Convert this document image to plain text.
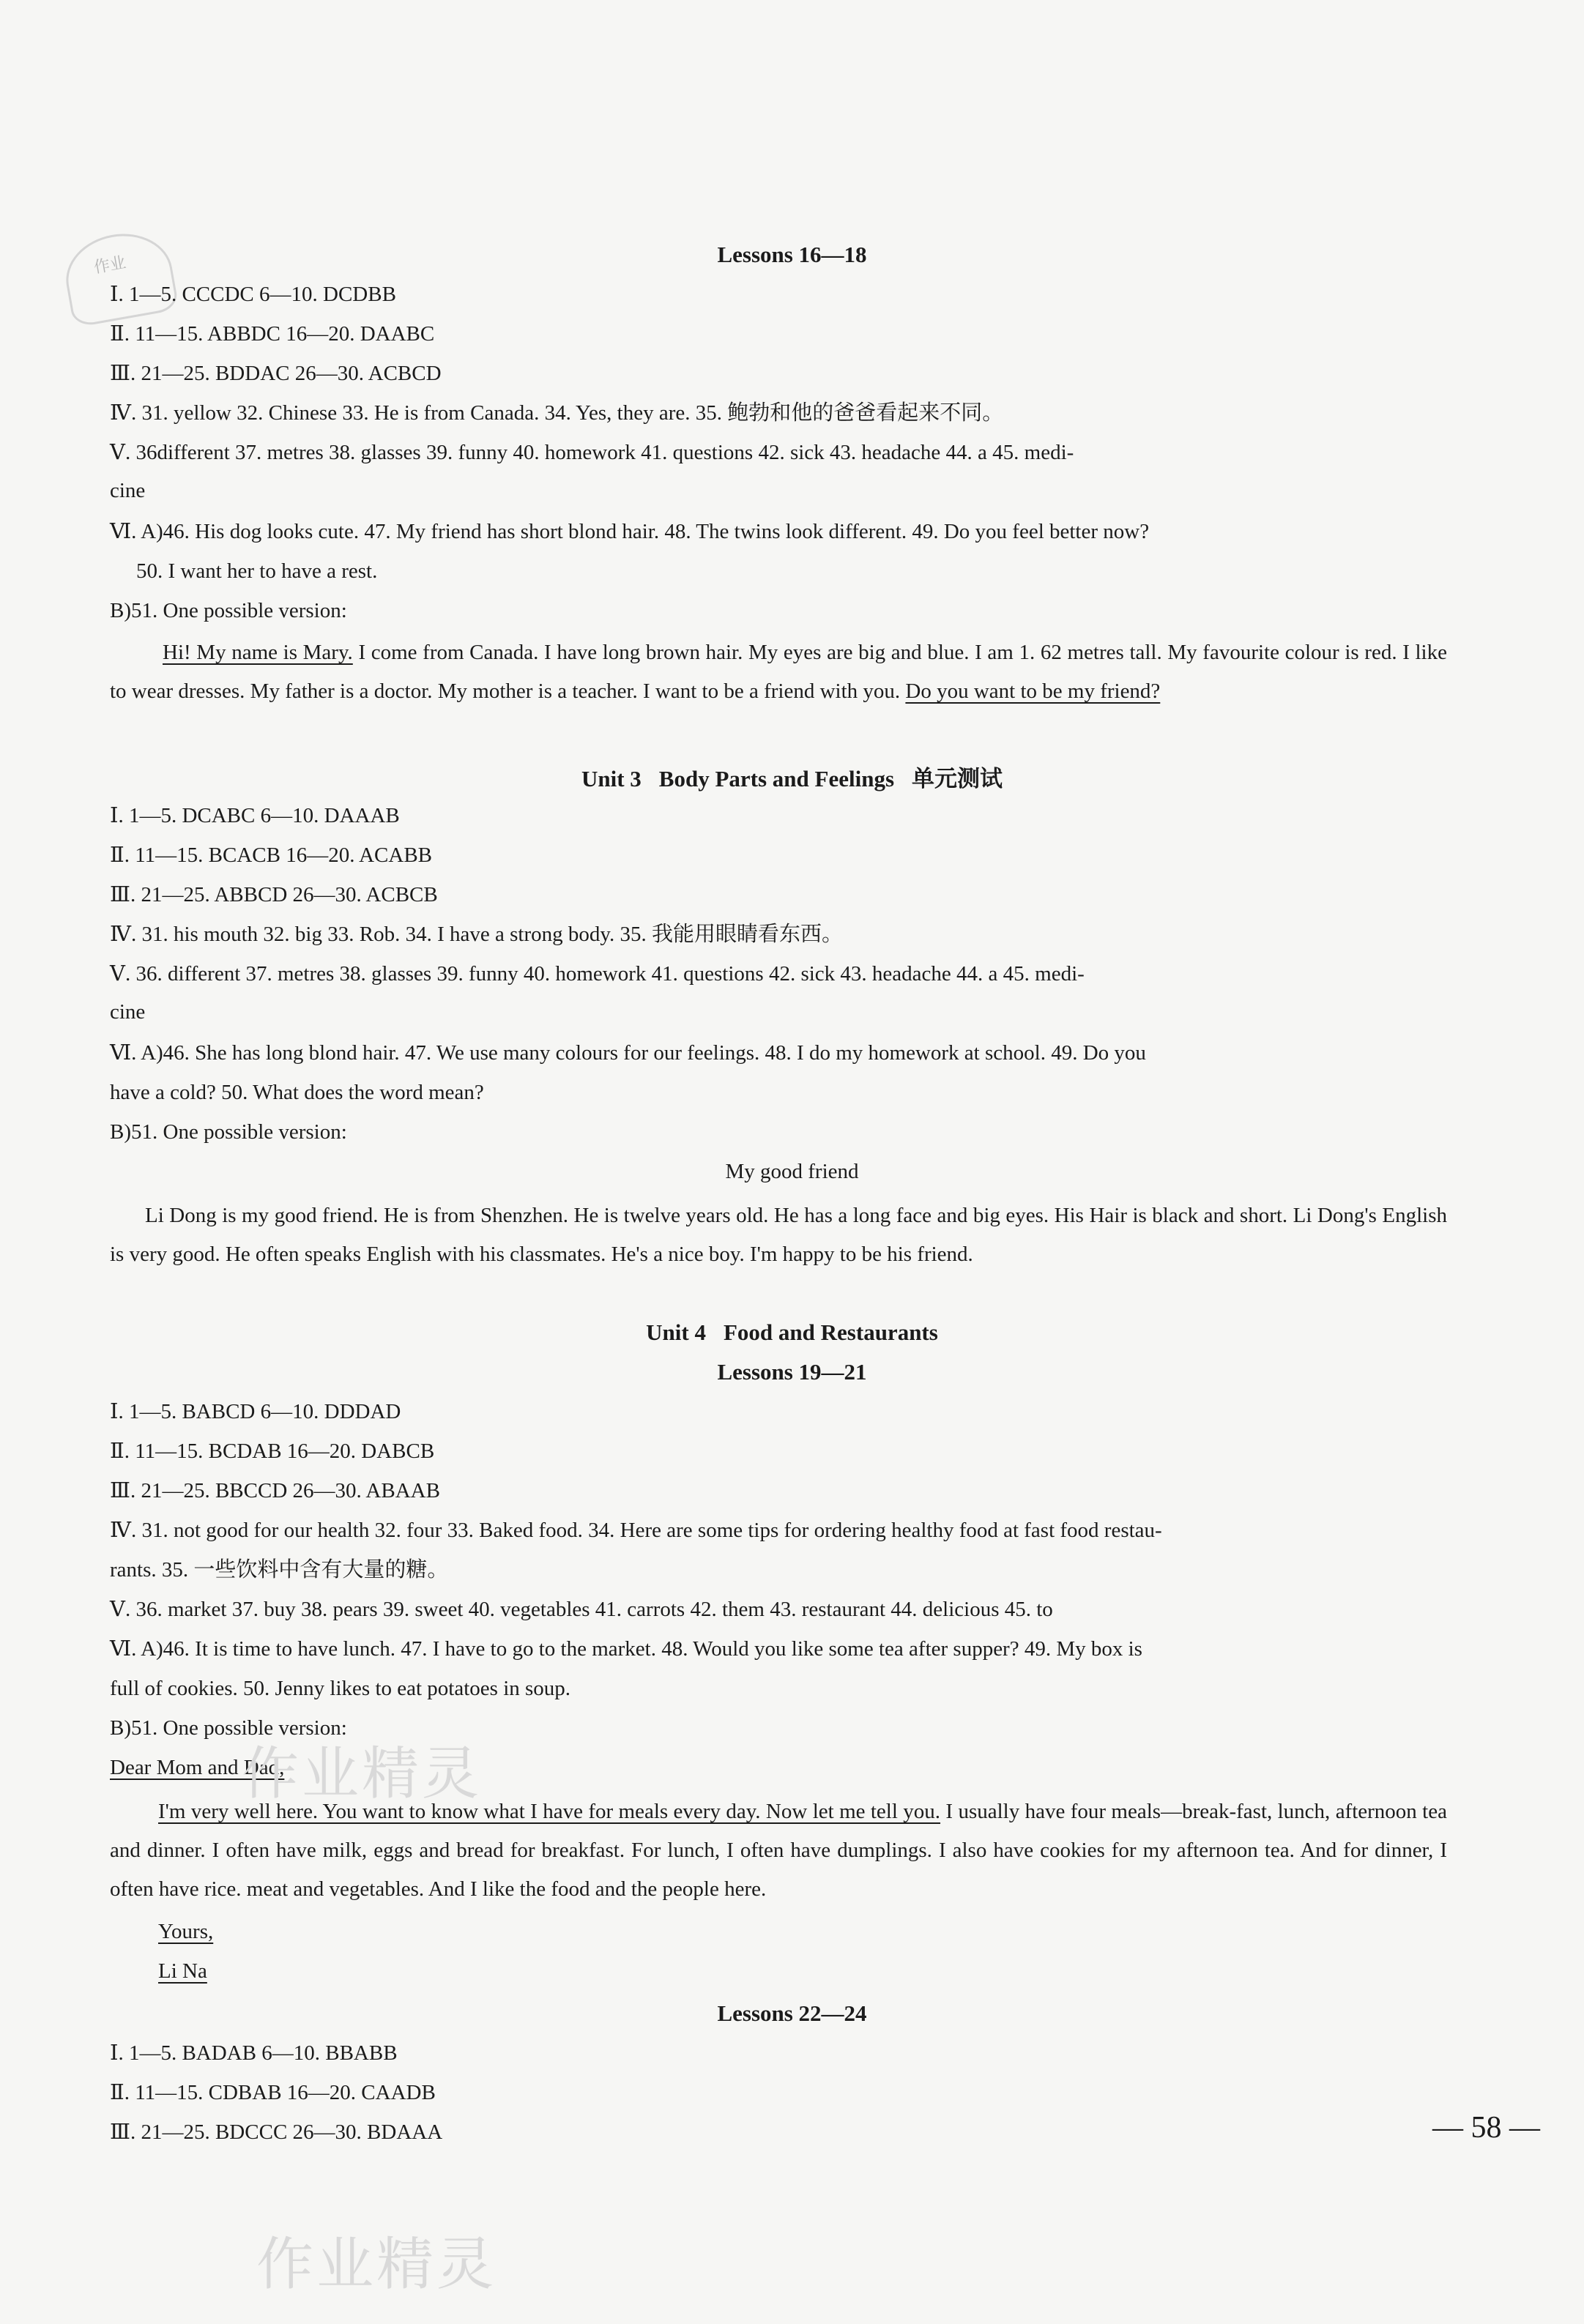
作业	Lessons 16—18
Ⅰ. 1—5. CCCDC 6—10. DCDBB
Ⅱ. 11—15. ABBDC 16—20. DAABC
Ⅲ. 21—25. BDDAC 26—30. ACBCD
Ⅳ. 31. yellow 32. Chinese 33. He is from Canada. 34. Yes, they are. 35. 鲍勃和他的爸爸看起来不同。
Ⅴ. 36different 37. metres 38. glasses 39. funny 40. homework 41. questions 42. sick 43. headache 44. a 45. medi-
cine
Ⅵ. A)46. His dog looks cute. 47. My friend has short blond hair. 48. The twins look different. 49. Do you feel better now?
50. I want her to have a rest.
B)51. One possible version:
Hi! My name is Mary. I come from Canada. I have long brown hair. My eyes are big and blue. I am 1. 62 metres tall. My favourite colour is red. I like to wear dresses. My father is a doctor. My mother is a teacher. I want to be a friend with you. Do you want to be my friend?
Unit 3 Body Parts and Feelings 单元测试
Ⅰ. 1—5. DCABC 6—10. DAAAB
Ⅱ. 11—15. BCACB 16—20. ACABB
Ⅲ. 21—25. ABBCD 26—30. ACBCB
Ⅳ. 31. his mouth 32. big 33. Rob. 34. I have a strong body. 35. 我能用眼睛看东西。
Ⅴ. 36. different 37. metres 38. glasses 39. funny 40. homework 41. questions 42. sick 43. headache 44. a 45. medi-
cine
Ⅵ. A)46. She has long blond hair. 47. We use many colours for our feelings. 48. I do my homework at school. 49. Do you
have a cold? 50. What does the word mean?
B)51. One possible version:
My good friend
Li Dong is my good friend. He is from Shenzhen. He is twelve years old. He has a long face and big eyes. His Hair is black and short. Li Dong's English is very good. He often speaks English with his classmates. He's a nice boy. I'm happy to be his friend.
Unit 4 Food and Restaurants
Lessons 19—21
Ⅰ. 1—5. BABCD 6—10. DDDAD
Ⅱ. 11—15. BCDAB 16—20. DABCB
Ⅲ. 21—25. BBCCD 26—30. ABAAB
Ⅳ. 31. not good for our health 32. four 33. Baked food. 34. Here are some tips for ordering healthy food at fast food restau-
rants. 35. 一些饮料中含有大量的糖。
Ⅴ. 36. market 37. buy 38. pears 39. sweet 40. vegetables 41. carrots 42. them 43. restaurant 44. delicious 45. to
Ⅵ. A)46. It is time to have lunch. 47. I have to go to the market. 48. Would you like some tea after supper? 49. My box is
full of cookies. 50. Jenny likes to eat potatoes in soup.
B)51. One possible version:
Dear Mom and Dad,
I'm very well here. You want to know what I have for meals every day. Now let me tell you. I usually have four meals—break-fast, lunch, afternoon tea and dinner. I often have milk, eggs and bread for breakfast. For lunch, I often have dumplings. I also have cookies for my afternoon tea. And for dinner, I often have rice. meat and vegetables. And I like the food and the people here.
Yours,
Li Na
Lessons 22—24
Ⅰ. 1—5. BADAB 6—10. BBABB
Ⅱ. 11—15. CDBAB 16—20. CAADB
Ⅲ. 21—25. BDCCC 26—30. BDAAA	— 58 —
作业精灵
作业精灵
